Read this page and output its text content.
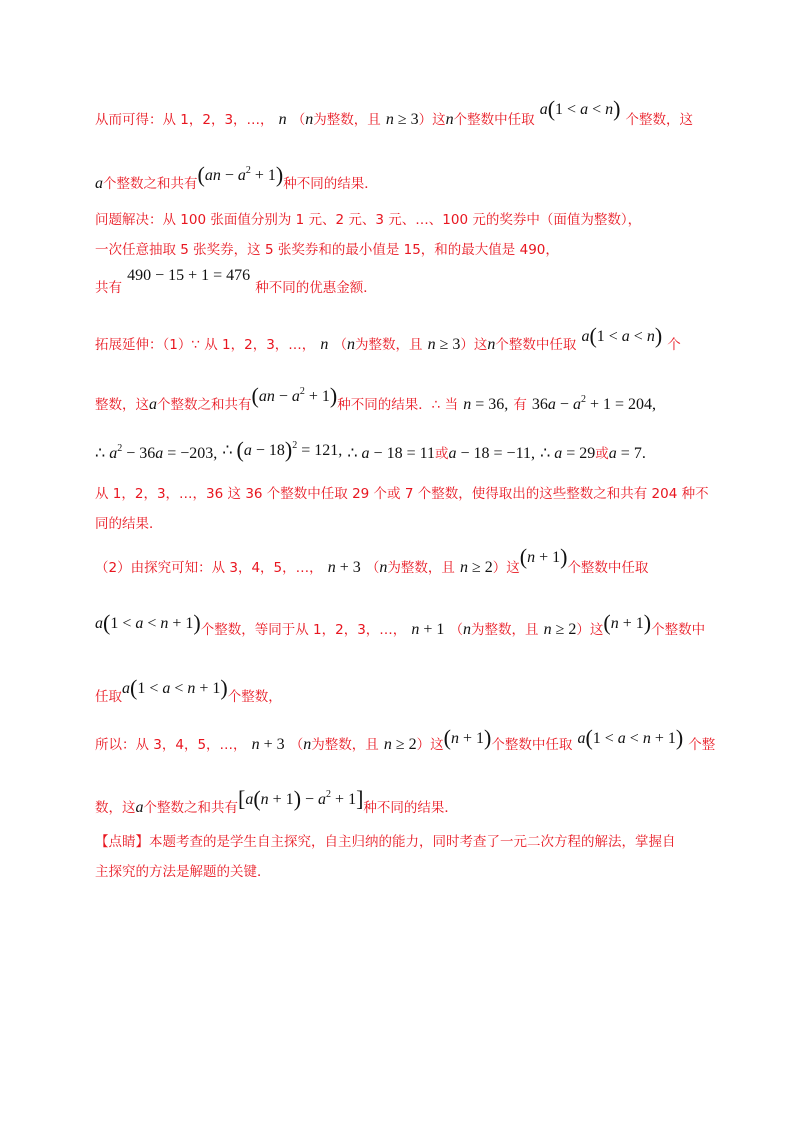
从而可得：从 1，2，3，…， n （n为整数，且 n ≥ 3）这n个整数中任取 a(1 < a < n) 个整数，这
a个整数之和共有$(an - a^2 + 1)$种不同的结果．
问题解决：从 100 张面值分别为 1 元、2 元、3 元、…、100 元的奖券中（面值为整数），
一次任意抽取 5 张奖券，这 5 张奖券和的最小值是 15，和的最大值是 490，
共有 490 − 15 + 1 = 476 种不同的优惠金额．
拓展延伸：（1）∵ 从 1，2，3，…， n （n为整数，且 n ≥ 3）这n个整数中任取 a(1 < a < n) 个
整数，这a个整数之和共有$(an - a^2 + 1)$种不同的结果．∴ 当 n = 36, 有 $36a - a^2 + 1 = 204$,
∴ $a^2 - 36a = -203$, ∴ $(a - 18)^2 = 121$, ∴ a − 18 = 11或a − 18 = −11, ∴ a = 29或a = 7.
从 1，2，3，…，36 这 36 个整数中任取 29 个或 7 个整数，使得取出的这些整数之和共有 204 种不
同的结果．
（2）由探究可知：从 3，4，5，…， n + 3 （n为整数，且 n ≥ 2）这(n + 1)个整数中任取
a(1 < a < n + 1)个整数，等同于从 1，2，3，…， n + 1 （n为整数，且 n ≥ 2）这(n + 1)个整数中
任取a(1 < a < n + 1)个整数，
所以：从 3，4，5，…， n + 3 （n为整数，且 n ≥ 2）这(n + 1)个整数中任取 a(1 < a < n + 1) 个整
数，这a个整数之和共有$[a(n + 1) - a^2 + 1]$种不同的结果．
【点睛】本题考查的是学生自主探究，自主归纳的能力，同时考查了一元二次方程的解法，掌握自
主探究的方法是解题的关键．
